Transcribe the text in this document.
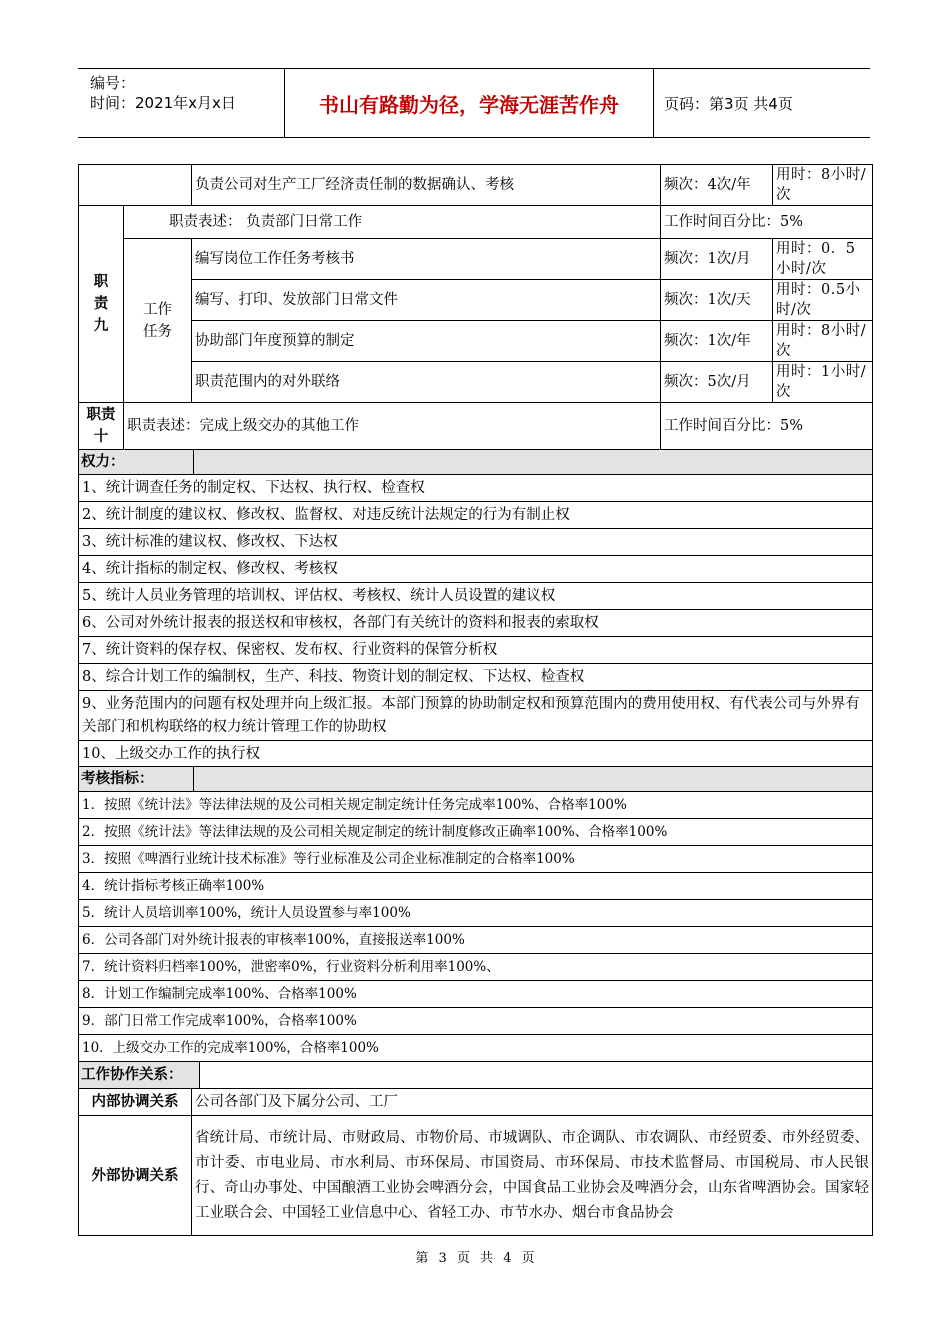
编号：
时间：2021年x月x日	书山有路勤为径，学海无涯苦作舟	页码：第3页 共4页
		负责公司对生产工厂经济责任制的数据确认、考核	频次：4次/年	用时：8小时/次

职责九	职责表述： 负责部门日常工作		工作时间百分比：5%	

	工作任务	编写岗位工作任务考核书	频次：1次/月	用时：0．5小时/次
		编写、打印、发放部门日常文件	频次：1次/天	用时：0.5小时/次
		协助部门年度预算的制定	频次：1次/年	用时：8小时/次
		职责范围内的对外联络	频次：5次/月	用时：1小时/次

职责十	职责表述：完成上级交办的其他工作		工作时间百分比：5%	

权力：				

1、统计调查任务的制定权、下达权、执行权、检查权				
2、统计制度的建议权、修改权、监督权、对违反统计法规定的行为有制止权				
3、统计标准的建议权、修改权、下达权				
4、统计指标的制定权、修改权、考核权				
5、统计人员业务管理的培训权、评估权、考核权、统计人员设置的建议权				
6、公司对外统计报表的报送权和审核权，各部门有关统计的资料和报表的索取权				
7、统计资料的保存权、保密权、发布权、行业资料的保管分析权				
8、综合计划工作的编制权，生产、科技、物资计划的制定权、下达权、检查权				
9、业务范围内的问题有权处理并向上级汇报。本部门预算的协助制定权和预算范围内的费用使用权、有代表公司与外界有关部门和机构联络的权力统计管理工作的协助权				
10、上级交办工作的执行权				

考核指标：				

1．按照《统计法》等法律法规的及公司相关规定制定统计任务完成率100%、合格率100%				
2．按照《统计法》等法律法规的及公司相关规定制定的统计制度修改正确率100%、合格率100%				
3．按照《啤酒行业统计技术标准》等行业标准及公司企业标准制定的合格率100%				
4．统计指标考核正确率100%				
5．统计人员培训率100%，统计人员设置参与率100%				
6．公司各部门对外统计报表的审核率100%，直接报送率100%				
7．统计资料归档率100%，泄密率0%，行业资料分析利用率100%、				
8．计划工作编制完成率100%、合格率100%				
9．部门日常工作完成率100%，合格率100%				
10．上级交办工作的完成率100%，合格率100%				

工作协作关系：				

内部协调关系		公司各部门及下属分公司、工厂		
外部协调关系		省统计局、市统计局、市财政局、市物价局、市城调队、市企调队、市农调队、市经贸委、市外经贸委、市计委、市电业局、市水利局、市环保局、市国资局、市环保局、市技术监督局、市国税局、市人民银行、奇山办事处、中国酿酒工业协会啤酒分会，中国食品工业协会及啤酒分会，山东省啤酒协会。国家轻工业联合会、中国轻工业信息中心、省轻工办、市节水办、烟台市食品协会		
第 3 页 共 4 页
